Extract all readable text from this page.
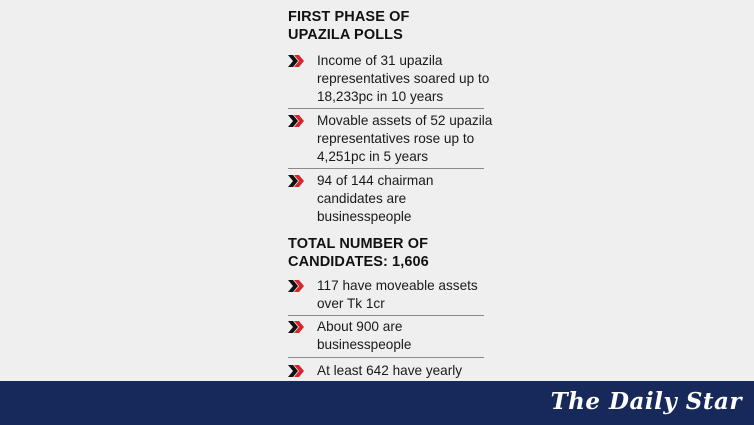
FIRST PHASE OF
UPAZILA POLLS
Income of 31 upazila
representatives soared up to
18,233pc in 10 years
Movable assets of 52 upazila
representatives rose up to
4,251pc in 5 years
94 of 144 chairman
candidates are
businesspeople
TOTAL NUMBER OF
CANDIDATES: 1,606
117 have moveable assets
over Tk 1cr
About 900 are
businesspeople
At least 642 have yearly
The Daily Star
